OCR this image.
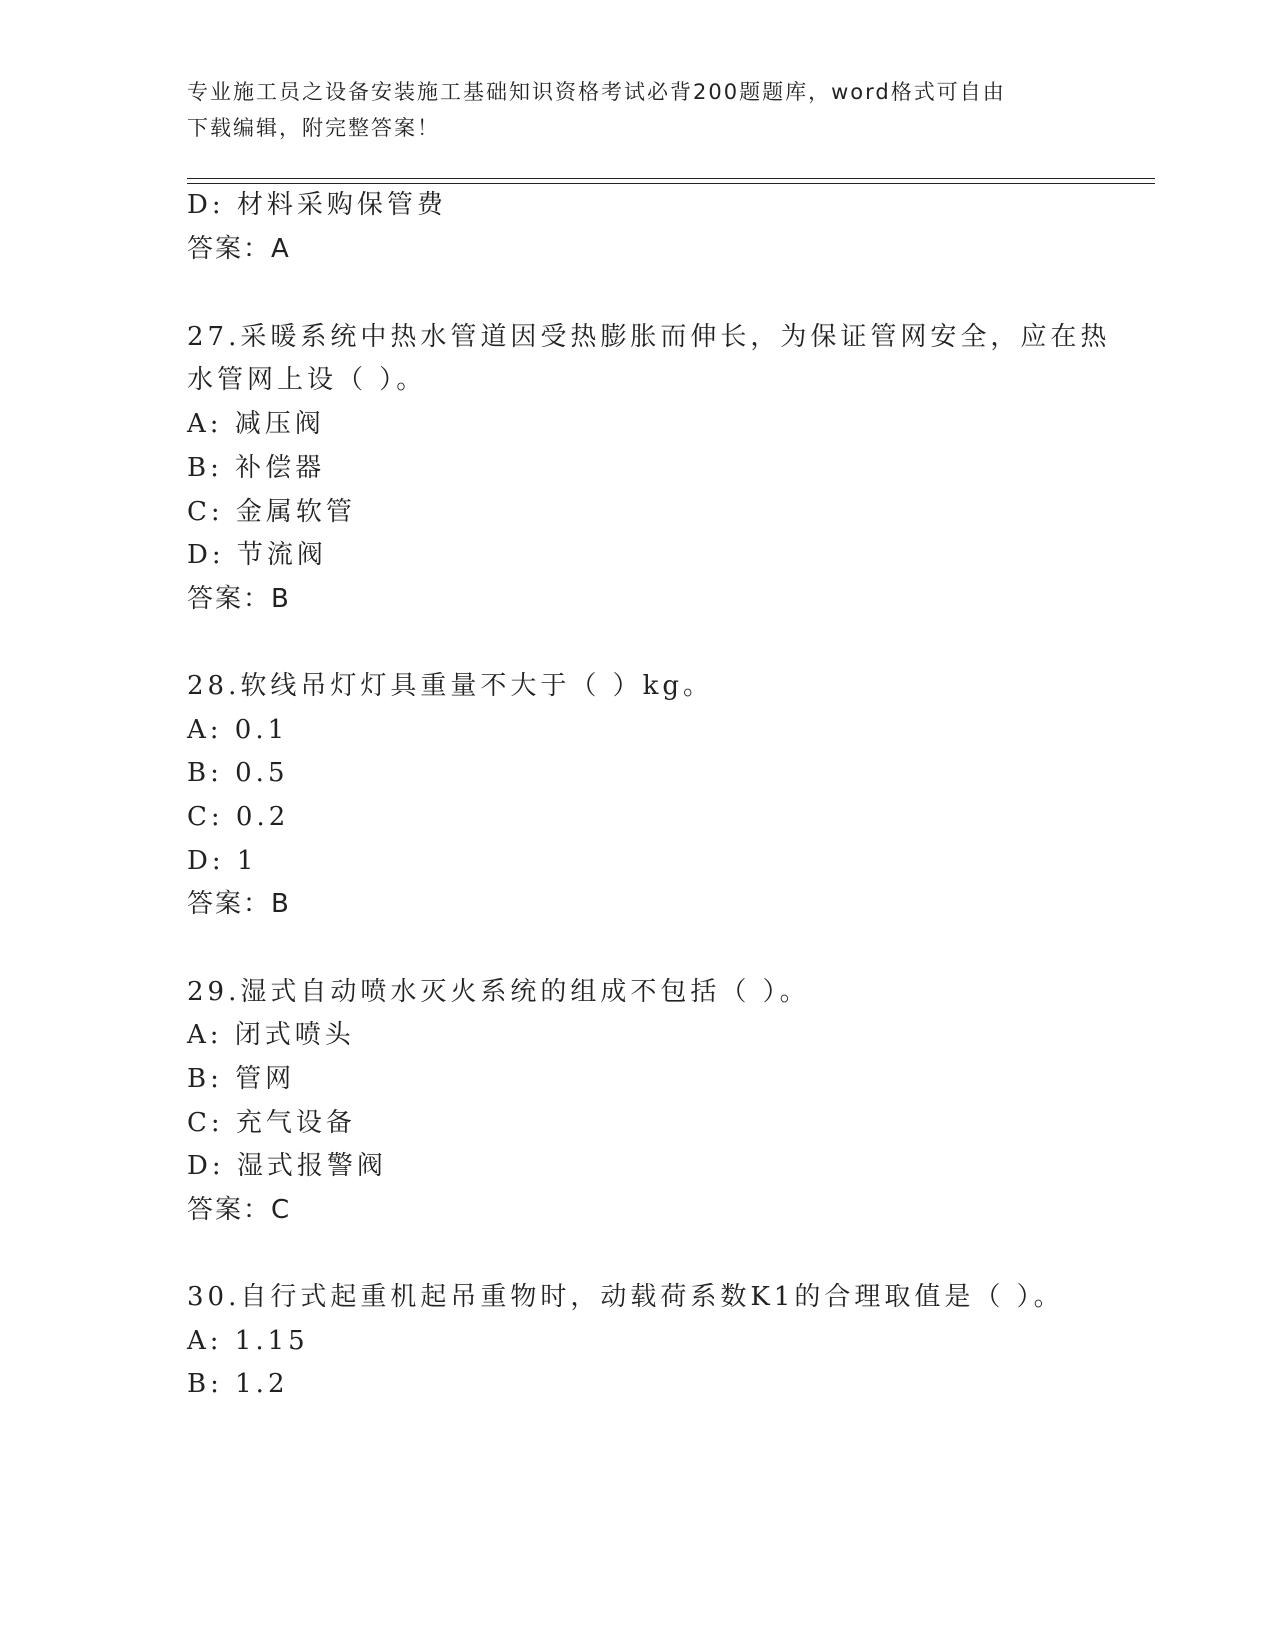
专业施工员之设备安装施工基础知识资格考试必背200题题库，word格式可自由
下载编辑，附完整答案！
D: 材料采购保管费
答案：A
27.采暖系统中热水管道因受热膨胀而伸长，为保证管网安全，应在热
水管网上设（ ）。
A: 减压阀
B: 补偿器
C: 金属软管
D: 节流阀
答案：B
28.软线吊灯灯具重量不大于（ ）kg。
A: 0.1
B: 0.5
C: 0.2
D: 1
答案：B
29.湿式自动喷水灭火系统的组成不包括（ ）。
A: 闭式喷头
B: 管网
C: 充气设备
D: 湿式报警阀
答案：C
30.自行式起重机起吊重物时，动载荷系数K1的合理取值是（ ）。
A: 1.15
B: 1.2
